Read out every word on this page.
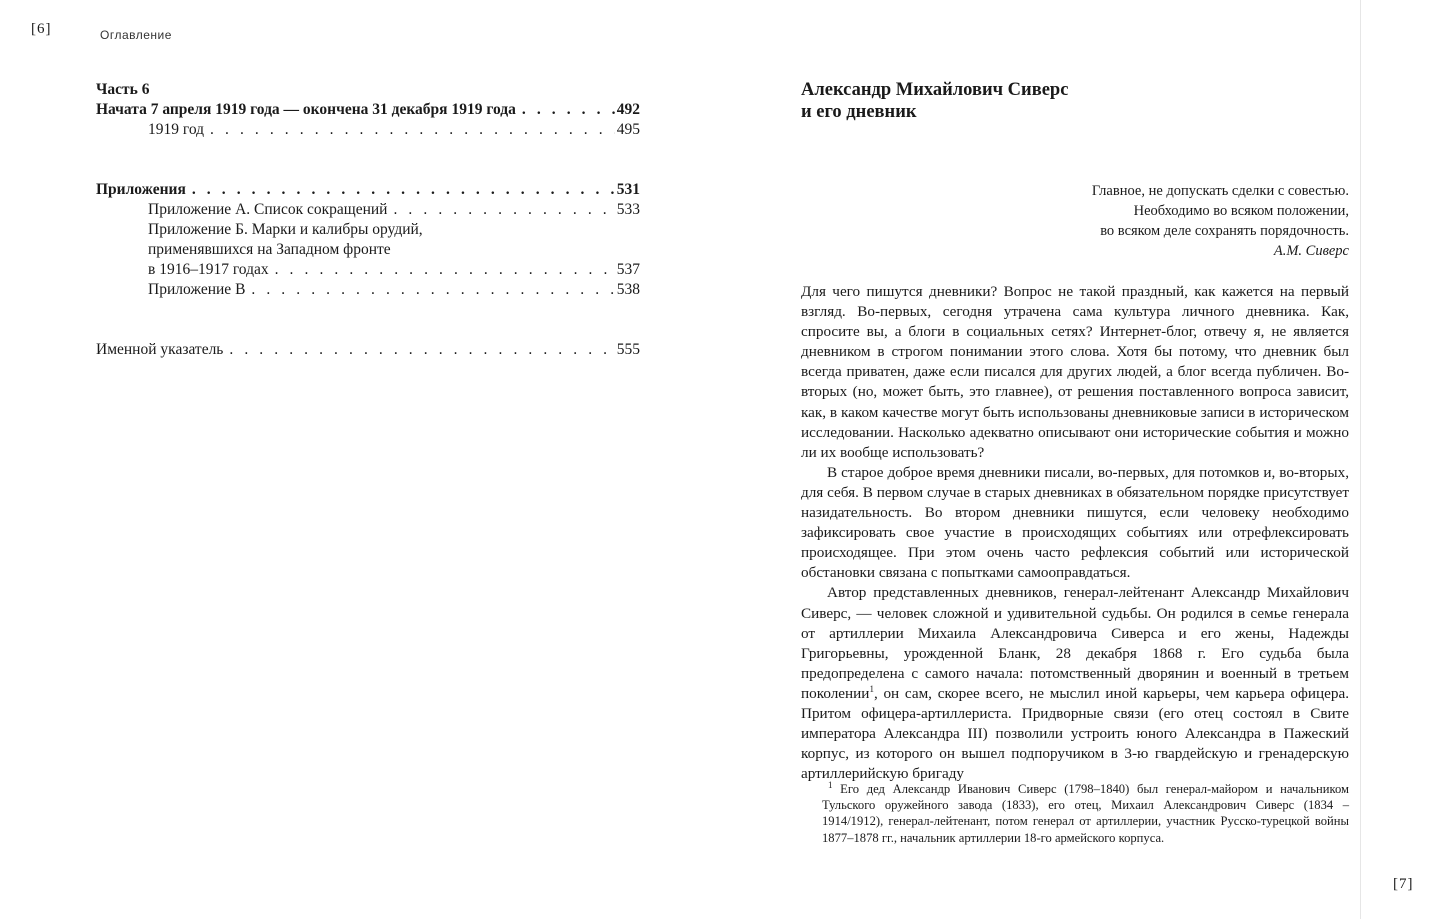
[6]	Оглавление
Часть 6
Начата 7 апреля 1919 года — окончена 31 декабря 1919 года . . .	492
1919 год . . .	495
Приложения . . .	531
Приложение А. Список сокращений . . .	533
Приложение Б. Марки и калибры орудий,
применявшихся на Западном фронте
в 1916–1917 годах . . .	537
Приложение В . . .	538
Именной указатель . . .	555
Александр Михайлович Сиверс
и его дневник
Главное, не допускать сделки с совестью.
Необходимо во всяком положении,
во всяком деле сохранять порядочность.
А.М. Сиверс

Для чего пишутся дневники? Вопрос не такой праздный, как кажется на первый взгляд. Во-первых, сегодня утрачена сама культура личного дневника. Как, спросите вы, а блоги в социальных сетях? Интернет-блог, отвечу я, не является дневником в строгом понимании этого слова. Хотя бы потому, что дневник был всегда приватен, даже если писался для других людей, а блог всегда публичен. Во-вторых (но, может быть, это главнее), от решения поставленного вопроса зависит, как, в каком качестве могут быть использованы дневниковые записи в историческом исследовании. Насколько адекватно описывают они исторические события и можно ли их вообще использовать?

В старое доброе время дневники писали, во-первых, для потомков и, во-вторых, для себя. В первом случае в старых дневниках в обязательном порядке присутствует назидательность. Во втором дневники пишутся, если человеку необходимо зафиксировать свое участие в происходящих событиях или отрефлексировать происходящее. При этом очень часто рефлексия событий или исторической обстановки связана с попытками самооправдаться.

Автор представленных дневников, генерал-лейтенант Александр Михайлович Сиверс, — человек сложной и удивительной судьбы. Он родился в семье генерала от артиллерии Михаила Александровича Сиверса и его жены, Надежды Григорьевны, урожденной Бланк, 28 декабря 1868 г. Его судьба была предопределена с самого начала: потомственный дворянин и военный в третьем поколении$^1$, он сам, скорее всего, не мыслил иной карьеры, чем карьера офицера. Притом офицера-артиллериста. Придворные связи (его отец состоял в Свите императора Александра III) позволили устроить юного Александра в Пажеский корпус, из которого он вышел подпоручиком в 3-ю гвардейскую и гренадерскую артиллерийскую бригаду

$^1$ Его дед Александр Иванович Сиверс (1798–1840) был генерал-майором и начальником Тульского оружейного завода (1833), его отец, Михаил Александрович Сиверс (1834 – 1914/1912), генерал-лейтенант, потом генерал от артиллерии, участник Русско-турецкой войны 1877–1878 гг., начальник артиллерии 18-го армейского корпуса.
[7]
